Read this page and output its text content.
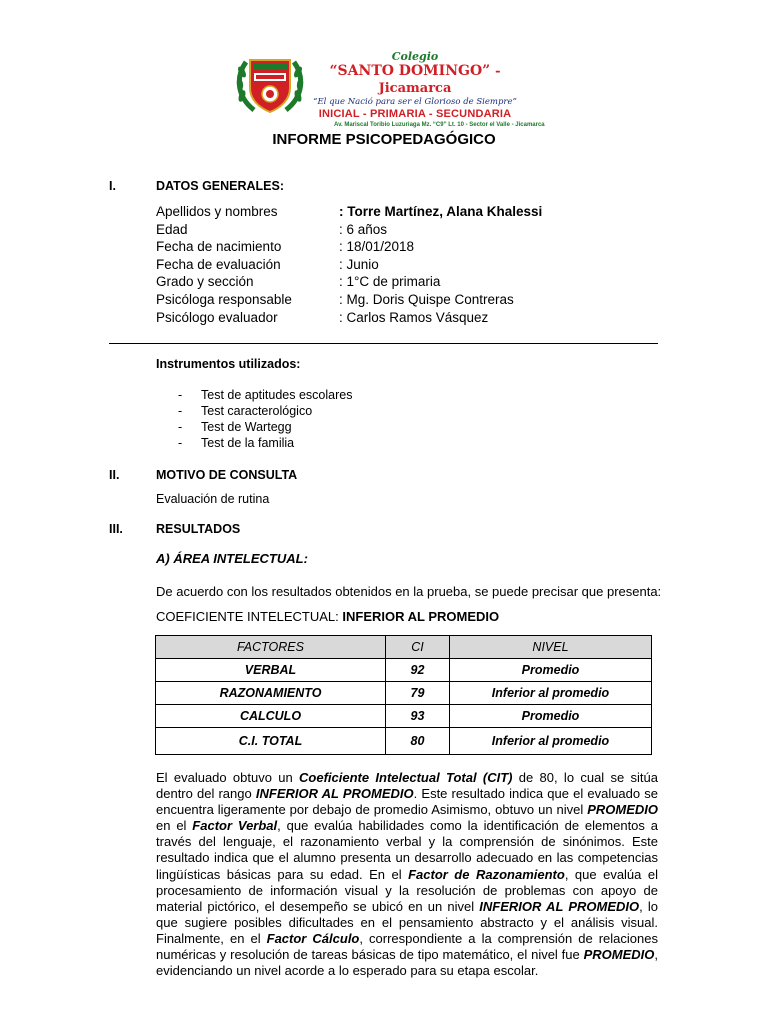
Colegio
“SANTO DOMINGO” - Jicamarca
“El que Nació para ser el Glorioso de Siempre”
INICIAL - PRIMARIA - SECUNDARIA
Av. Mariscal Toribio Luzuriaga Mz. “C9” Lt. 10 - Sector el Valle - Jicamarca
INFORME PSICOPEDAGÓGICO
I.	DATOS GENERALES:
Apellidos y nombres	: Torre Martínez, Alana Khalessi
Edad	: 6 años
Fecha de nacimiento	: 18/01/2018
Fecha de evaluación	: Junio
Grado y sección	: 1°C de primaria
Psicóloga responsable	: Mg. Doris Quispe Contreras
Psicólogo evaluador	: Carlos Ramos Vásquez
Instrumentos utilizados:
- Test de aptitudes escolares
- Test caracterológico
- Test de Wartegg
- Test de la familia
II.	MOTIVO DE CONSULTA
Evaluación de rutina
III.	RESULTADOS
A) ÁREA INTELECTUAL:
De acuerdo con los resultados obtenidos en la prueba, se puede precisar que presenta:
COEFICIENTE INTELECTUAL: INFERIOR AL PROMEDIO
FACTORES	CI	NIVEL
VERBAL	92	Promedio
RAZONAMIENTO	79	Inferior al promedio
CALCULO	93	Promedio
C.I. TOTAL	80	Inferior al promedio
El evaluado obtuvo un Coeficiente Intelectual Total (CIT) de 80, lo cual se sitúa dentro del rango INFERIOR AL PROMEDIO. Este resultado indica que el evaluado se encuentra ligeramente por debajo de promedio Asimismo, obtuvo un nivel PROMEDIO en el Factor Verbal, que evalúa habilidades como la identificación de elementos a través del lenguaje, el razonamiento verbal y la comprensión de sinónimos. Este resultado indica que el alumno presenta un desarrollo adecuado en las competencias lingüísticas básicas para su edad. En el Factor de Razonamiento, que evalúa el procesamiento de información visual y la resolución de problemas con apoyo de material pictórico, el desempeño se ubicó en un nivel INFERIOR AL PROMEDIO, lo que sugiere posibles dificultades en el pensamiento abstracto y el análisis visual. Finalmente, en el Factor Cálculo, correspondiente a la comprensión de relaciones numéricas y resolución de tareas básicas de tipo matemático, el nivel fue PROMEDIO, evidenciando un nivel acorde a lo esperado para su etapa escolar.
